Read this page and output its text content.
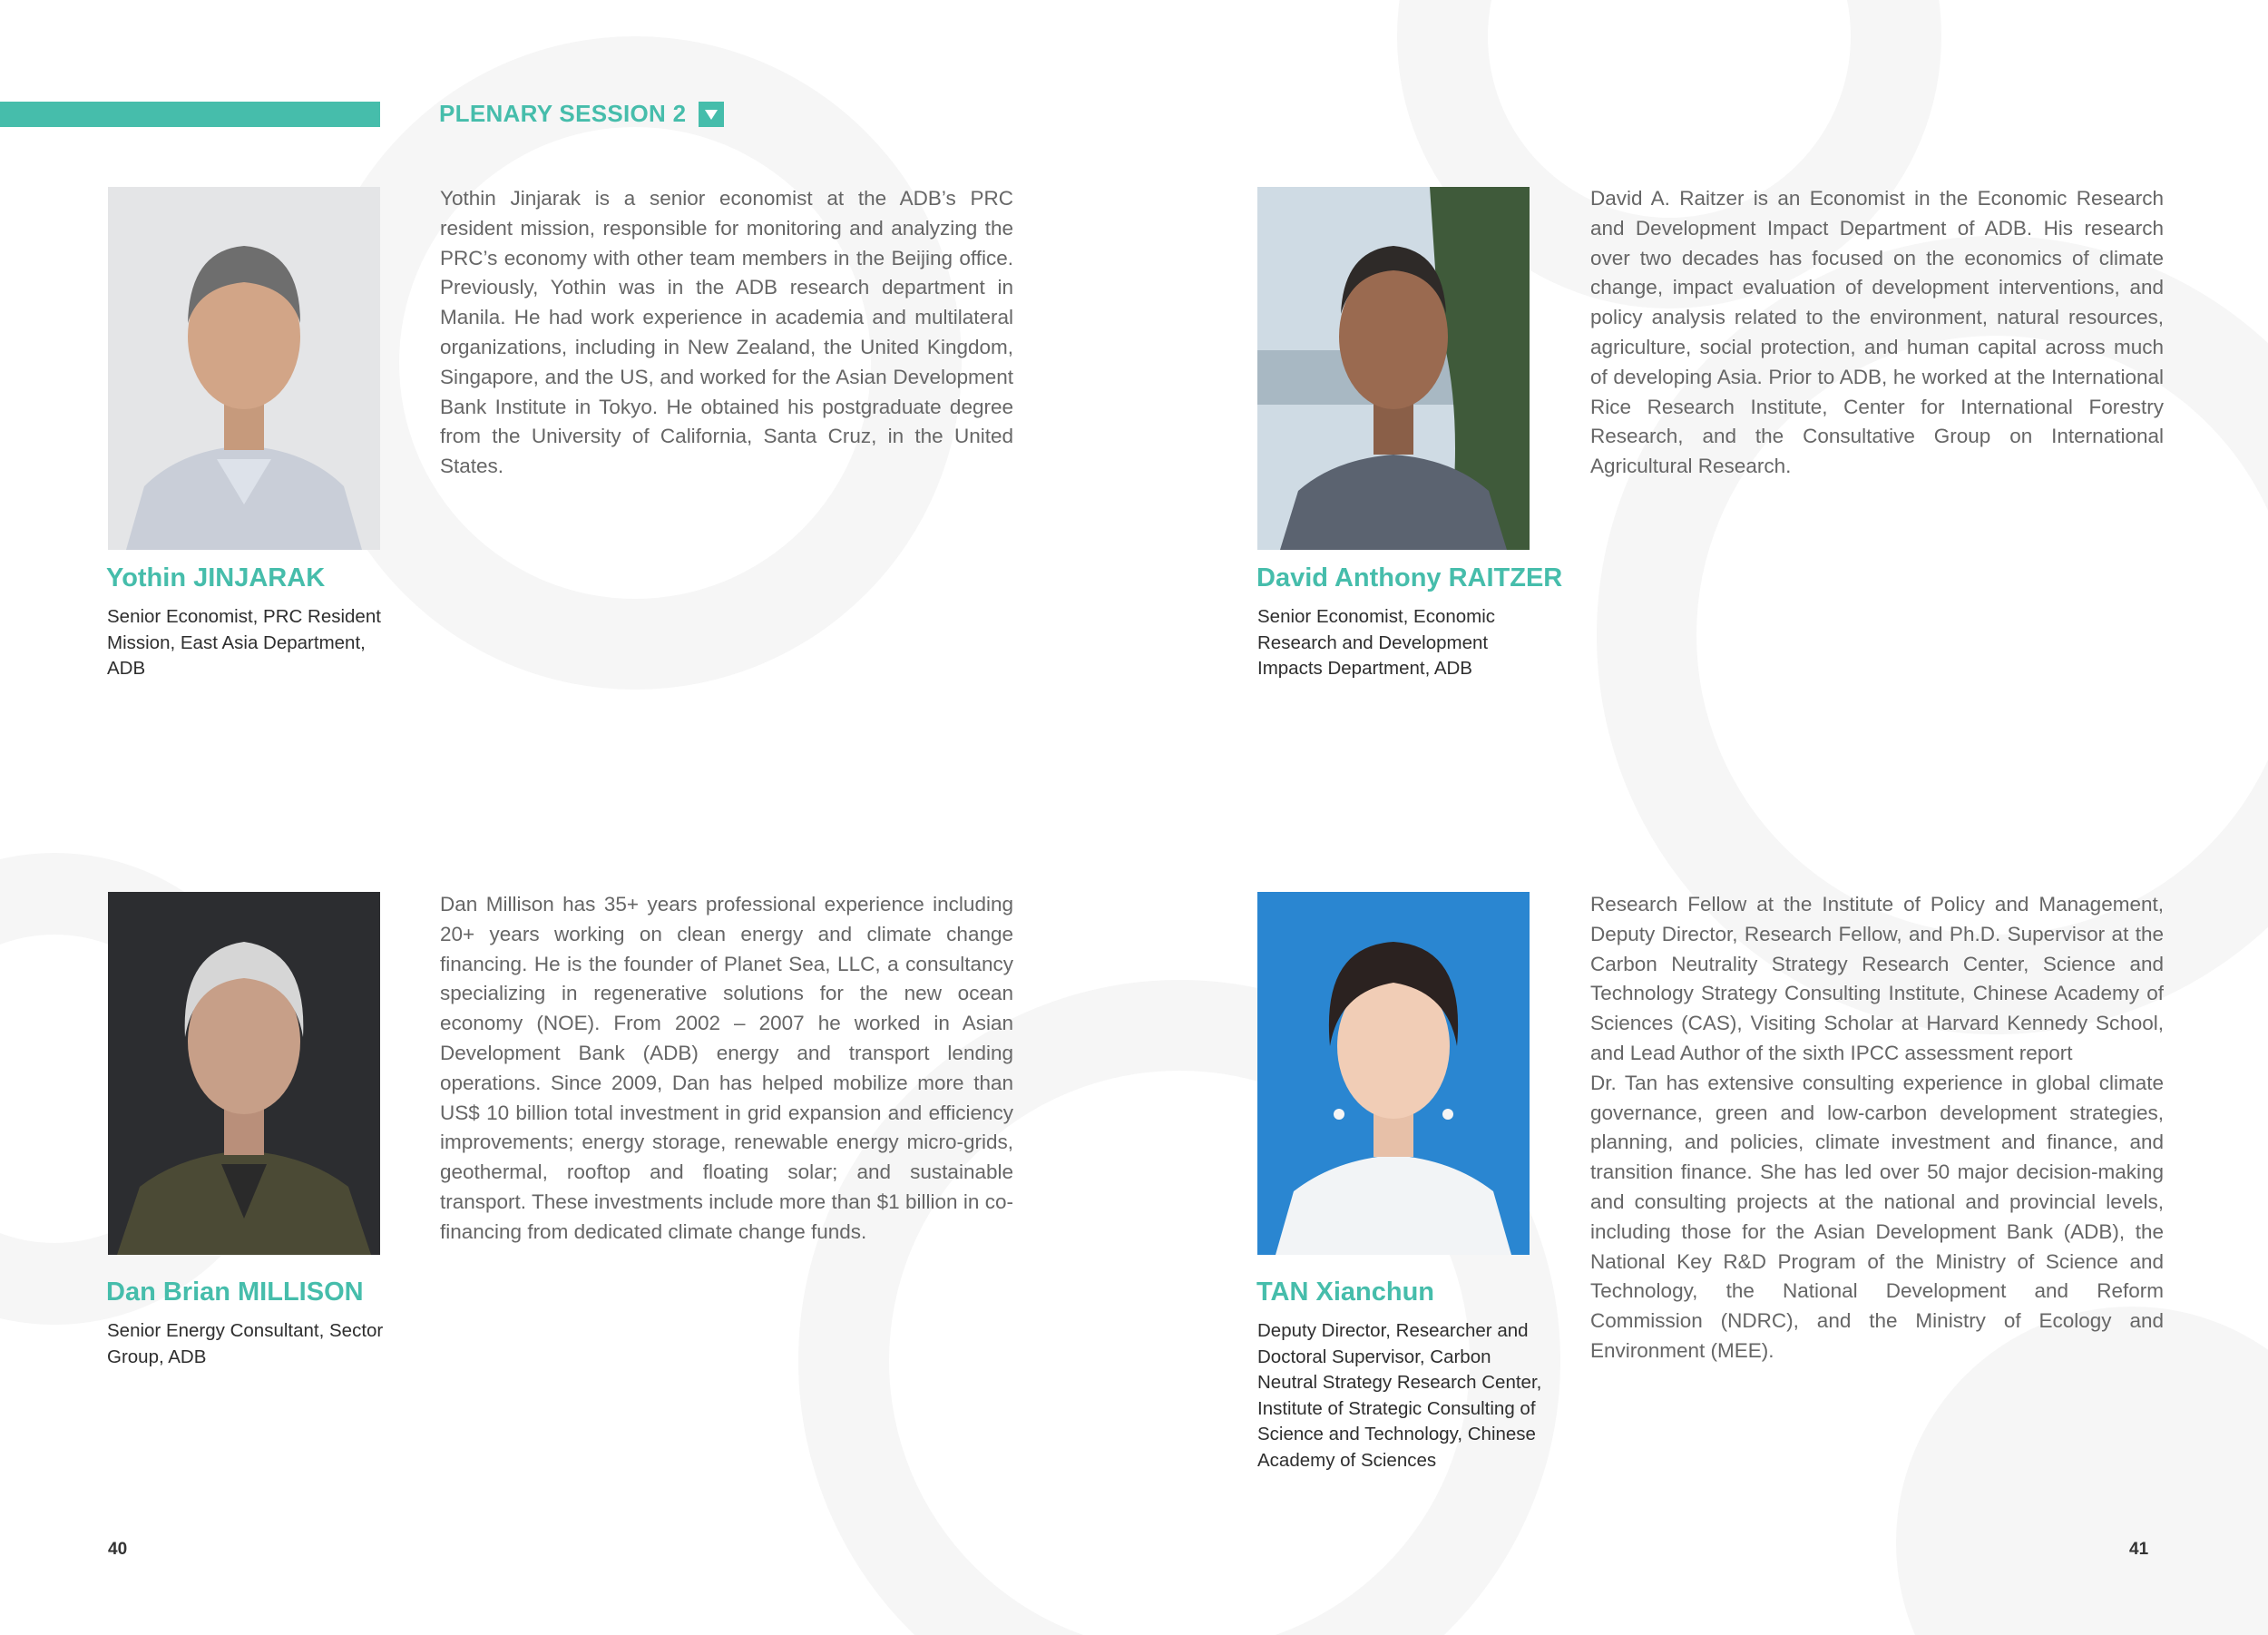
PLENARY SESSION 2
Yothin JINJARAK
Senior Economist, PRC Resident Mission, East Asia Department, ADB

Yothin Jinjarak is a senior economist at the ADB’s PRC resident mission, responsible for monitoring and analyzing the PRC’s economy with other team members in the Beijing office. Previously, Yothin was in the ADB research department in Manila. He had work experience in academia and multilateral organizations, including in New Zealand, the United Kingdom, Singapore, and the US, and worked for the Asian Development Bank Institute in Tokyo. He obtained his postgraduate degree from the University of California, Santa Cruz, in the United States.

David Anthony RAITZER
Senior Economist, Economic Research and Development Impacts Department, ADB

David A. Raitzer is an Economist in the Economic Research and Development Impact Department of ADB. His research over two decades has focused on the economics of climate change, impact evaluation of development interventions, and policy analysis related to the environment, natural resources, agriculture, social protection, and human capital across much of developing Asia. Prior to ADB, he worked at the International Rice Research Institute, Center for International Forestry Research, and the Consultative Group on International Agricultural Research.

Dan Brian MILLISON
Senior Energy Consultant, Sector Group, ADB

Dan Millison has 35+ years professional experience including 20+ years working on clean energy and climate change financing. He is the founder of Planet Sea, LLC, a consultancy specializing in regenerative solutions for the new ocean economy (NOE). From 2002 – 2007 he worked in Asian Development Bank (ADB) energy and transport lending operations. Since 2009, Dan has helped mobilize more than US$ 10 billion total investment in grid expansion and efficiency improvements; energy storage, renewable energy micro-grids, geothermal, rooftop and floating solar; and sustainable transport. These investments include more than $1 billion in co-financing from dedicated climate change funds.

TAN Xianchun
Deputy Director, Researcher and Doctoral Supervisor, Carbon Neutral Strategy Research Center, Institute of Strategic Consulting of Science and Technology, Chinese Academy of Sciences

Research Fellow at the Institute of Policy and Management, Deputy Director, Research Fellow, and Ph.D. Supervisor at the Carbon Neutrality Strategy Research Center, Science and Technology Strategy Consulting Institute, Chinese Academy of Sciences (CAS), Visiting Scholar at Harvard Kennedy School, and Lead Author of the sixth IPCC assessment report

Dr. Tan has extensive consulting experience in global climate governance, green and low-carbon development strategies, planning, and policies, climate investment and finance, and transition finance. She has led over 50 major decision-making and consulting projects at the national and provincial levels, including those for the Asian Development Bank (ADB), the National Key R&D Program of the Ministry of Science and Technology, the National Development and Reform Commission (NDRC), and the Ministry of Ecology and Environment (MEE).

40	41
